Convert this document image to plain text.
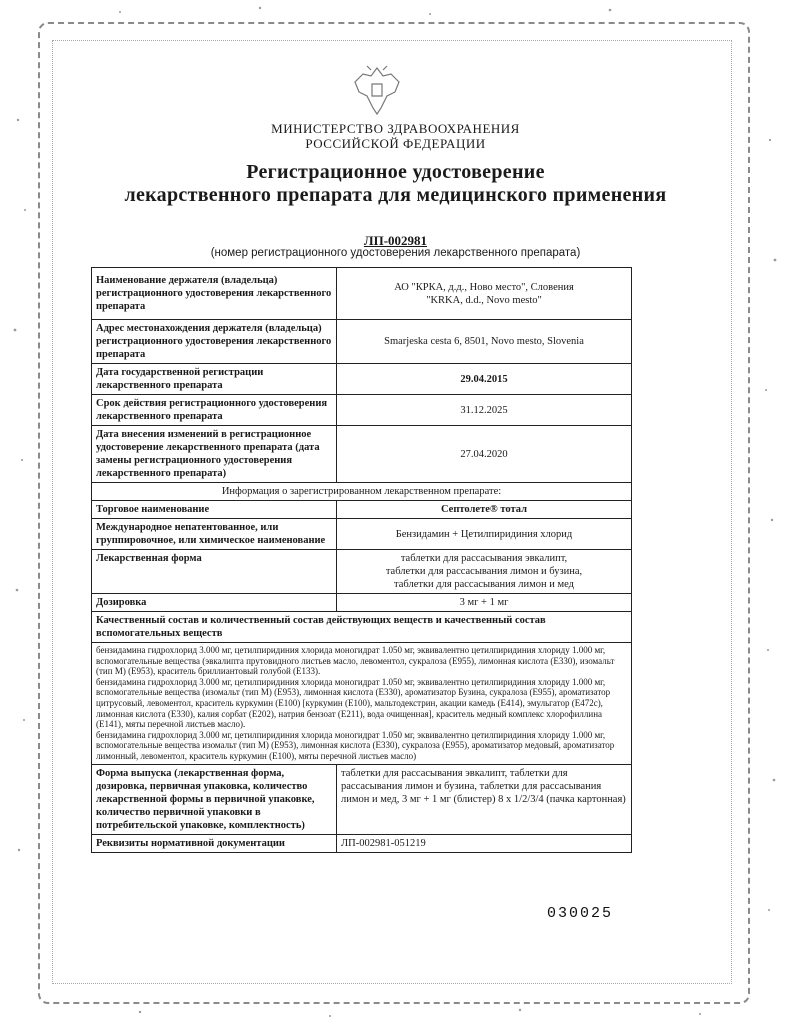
МИНИСТЕРСТВО ЗДРАВООХРАНЕНИЯ
РОССИЙСКОЙ ФЕДЕРАЦИИ
Регистрационное удостоверение
лекарственного препарата для медицинского применения
ЛП-002981
(номер регистрационного удостоверения лекарственного препарата)
Наименование держателя (владельца) регистрационного удостоверения лекарственного препарата	АО "КРКА, д.д., Ново место", Словения
"KRKA, d.d., Novo mesto"

Адрес местонахождения держателя (владельца) регистрационного удостоверения лекарственного препарата	Smarjeska cesta 6, 8501, Novo mesto, Slovenia
Дата государственной регистрации лекарственного препарата	29.04.2015
Срок действия регистрационного удостоверения лекарственного препарата	31.12.2025
Дата внесения изменений в регистрационное удостоверение лекарственного препарата (дата замены регистрационного удостоверения лекарственного препарата)	27.04.2020
Информация о зарегистрированном лекарственном препарате:	
Торговое наименование	Септолете® тотал
Международное непатентованное, или группировочное, или химическое наименование	Бензидамин + Цетилпиридиния хлорид
Лекарственная форма	таблетки для рассасывания эвкалипт,
таблетки для рассасывания лимон и бузина,
таблетки для рассасывания лимон и мед

Дозировка	3 мг + 1 мг
Качественный состав и количественный состав действующих веществ и качественный состав вспомогательных веществ	

бензидамина гидрохлорид 3.000 мг, цетилпиридиния хлорида моногидрат 1.050 мг, эквивалентно цетилпиридиния хлориду 1.000 мг, вспомогательные вещества (эвкалипта прутовидного листьев масло, левоментол, сукралоза (E955), лимонная кислота (E330), изомальт (тип M) (E953), краситель бриллиантовый голубой (E133).
бензидамина гидрохлорид 3.000 мг, цетилпиридиния хлорида моногидрат 1.050 мг, эквивалентно цетилпиридиния хлориду 1.000 мг, вспомогательные вещества (изомальт (тип M) (E953), лимонная кислота (E330), ароматизатор Бузина, сукралоза (E955), ароматизатор цитрусовый, левоментол, краситель куркумин (E100) [куркумин (E100), мальтодекстрин, акации камедь (E414), эмульгатор (E472c), лимонная кислота (E330), калия сорбат (E202), натрия бензоат (E211), вода очищенная], краситель медный комплекс хлорофиллина (E141), мяты перечной листьев масло).
бензидамина гидрохлорид 3.000 мг, цетилпиридиния хлорида моногидрат 1.050 мг, эквивалентно цетилпиридиния хлориду 1.000 мг, вспомогательные вещества изомальт (тип M) (E953), лимонная кислота (E330), сукралоза (E955), ароматизатор медовый, ароматизатор лимонный, левоментол, краситель куркумин (E100), мяты перечной листьев масло)	

Форма выпуска (лекарственная форма, дозировка, первичная упаковка, количество лекарственной формы в первичной упаковке, количество первичной упаковки в потребительской упаковке, комплектность)	таблетки для рассасывания эвкалипт, таблетки для рассасывания лимон и бузина, таблетки для рассасывания лимон и мед, 3 мг + 1 мг (блистер) 8 х 1/2/3/4 (пачка картонная)
Реквизиты нормативной документации	ЛП-002981-051219
030025
